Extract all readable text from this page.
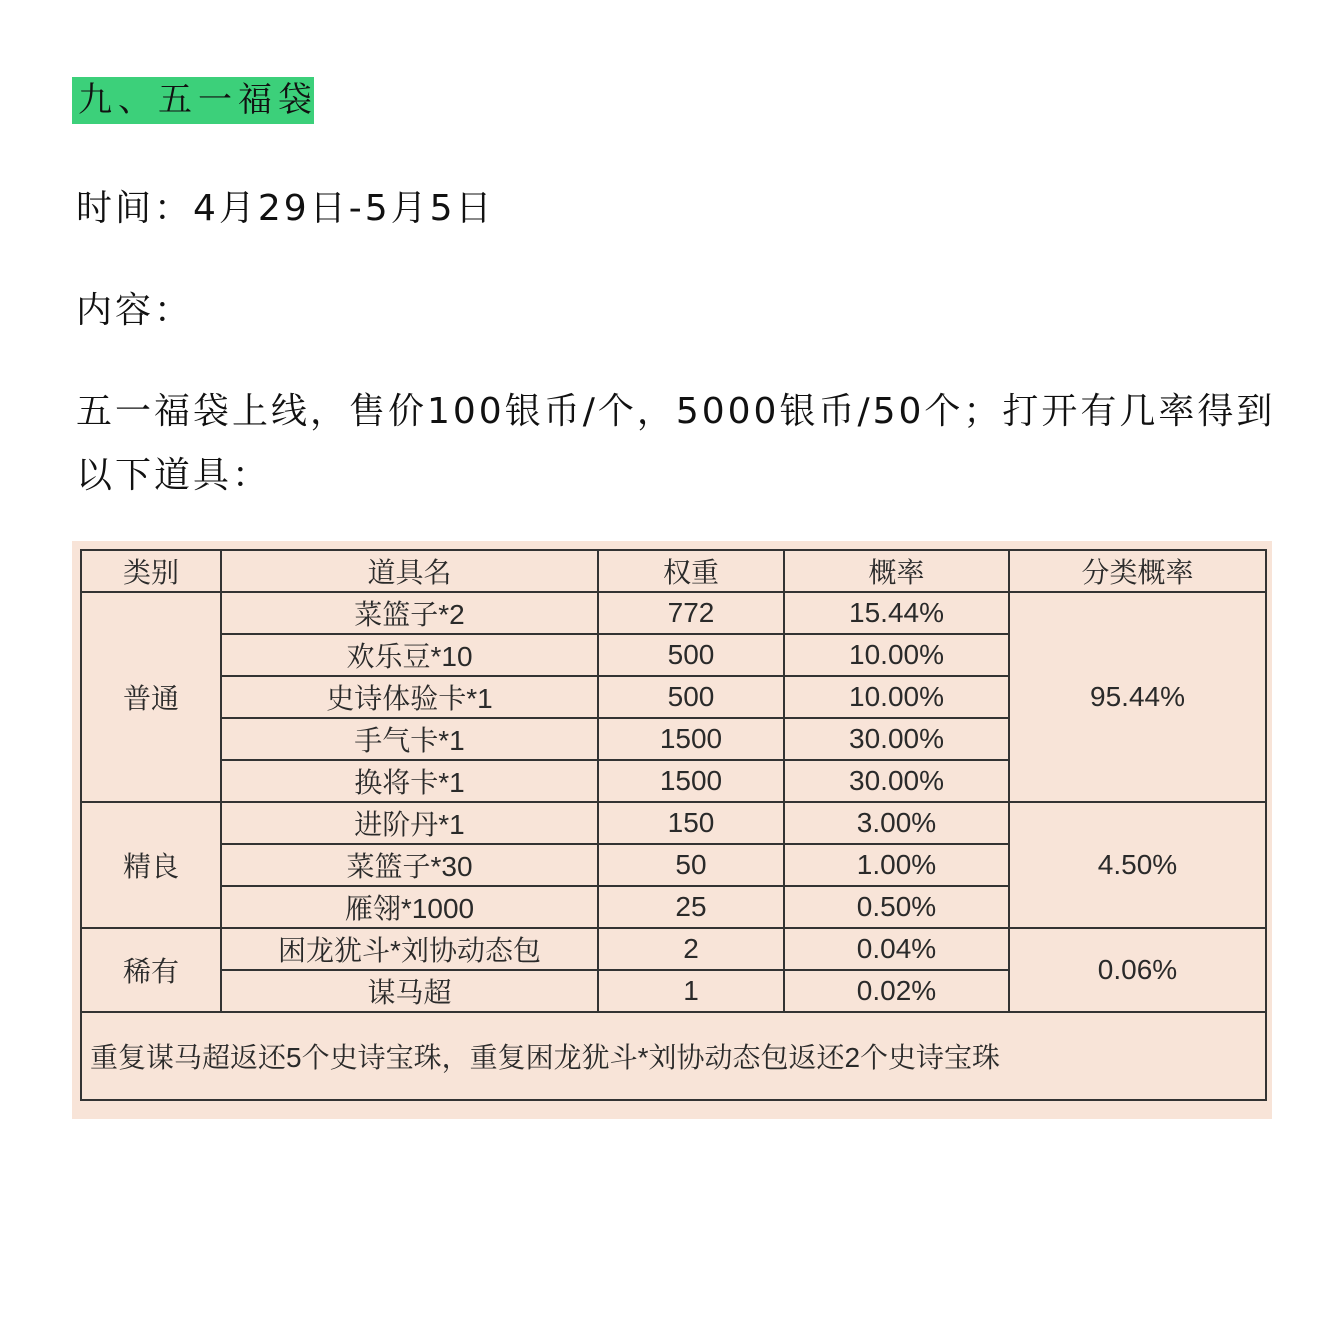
九、五一福袋
时间：4月29日-5月5日
内容：
五一福袋上线，售价100银币/个，5000银币/50个；打开有几率得到以下道具：
类别	道具名	权重	概率	分类概率
普通	菜篮子*2	772	15.44%	95.44%
	欢乐豆*10	500	10.00%	
	史诗体验卡*1	500	10.00%	
	手气卡*1	1500	30.00%	
	换将卡*1	1500	30.00%	
精良	进阶丹*1	150	3.00%	4.50%
	菜篮子*30	50	1.00%	
	雁翎*1000	25	0.50%	
稀有	困龙犹斗*刘协动态包	2	0.04%	0.06%
	谋马超	1	0.02%	
重复谋马超返还5个史诗宝珠，重复困龙犹斗*刘协动态包返还2个史诗宝珠				
